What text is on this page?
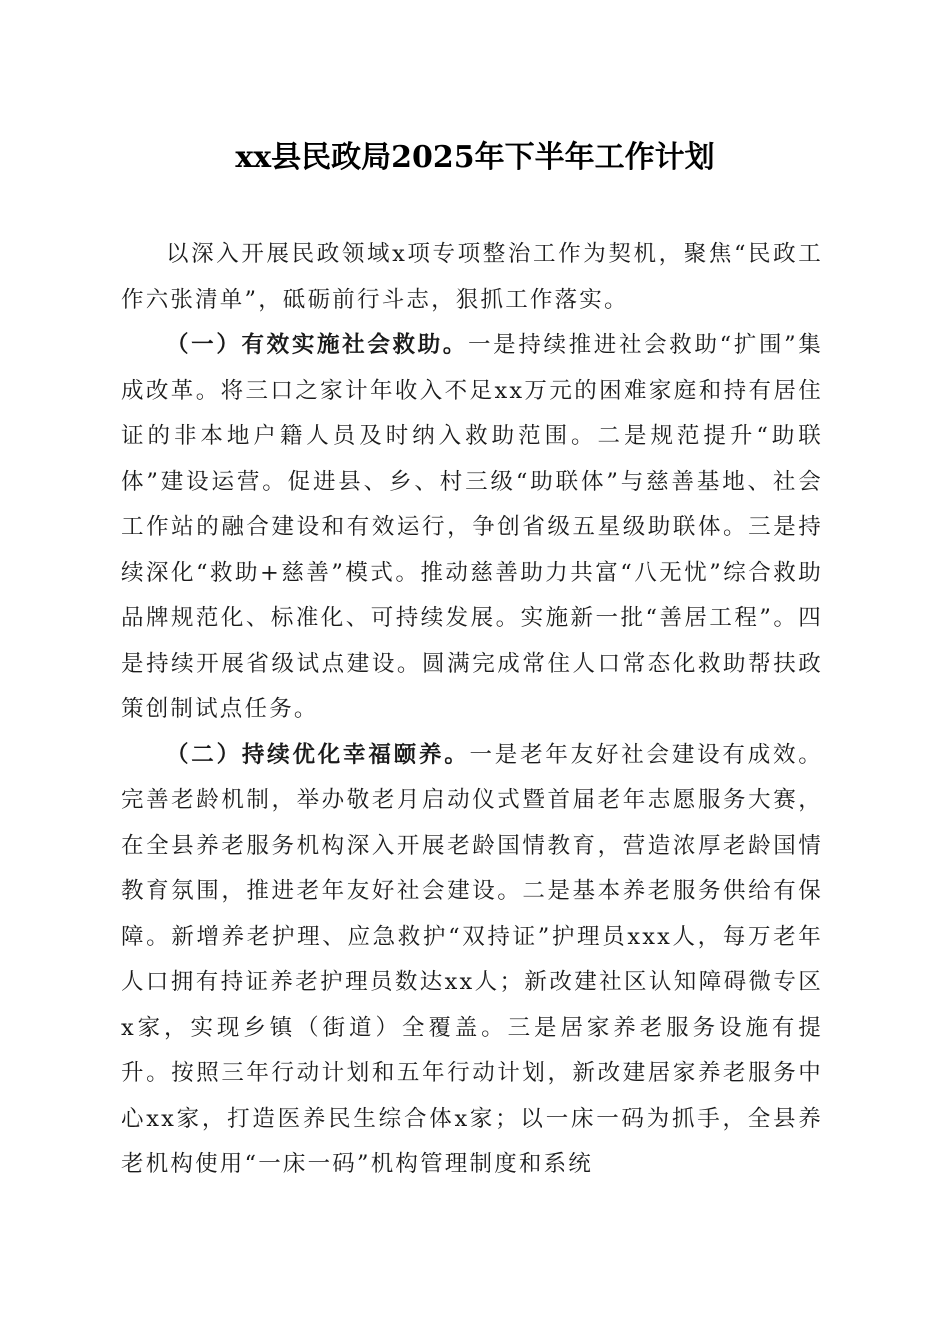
xx县民政局2025年下半年工作计划

以深入开展民政领域x项专项整治工作为契机，聚焦“民政工作六张清单”，砥砺前行斗志，狠抓工作落实。

（一）有效实施社会救助。一是持续推进社会救助“扩围”集成改革。将三口之家计年收入不足xx万元的困难家庭和持有居住证的非本地户籍人员及时纳入救助范围。二是规范提升“助联体”建设运营。促进县、乡、村三级“助联体”与慈善基地、社会工作站的融合建设和有效运行，争创省级五星级助联体。三是持续深化“救助+慈善”模式。推动慈善助力共富“八无忧”综合救助品牌规范化、标准化、可持续发展。实施新一批“善居工程”。四是持续开展省级试点建设。圆满完成常住人口常态化救助帮扶政策创制试点任务。

（二）持续优化幸福颐养。一是老年友好社会建设有成效。完善老龄机制，举办敬老月启动仪式暨首届老年志愿服务大赛，在全县养老服务机构深入开展老龄国情教育，营造浓厚老龄国情教育氛围，推进老年友好社会建设。二是基本养老服务供给有保障。新增养老护理、应急救护“双持证”护理员xxx人，每万老年人口拥有持证养老护理员数达xx人；新改建社区认知障碍微专区x家，实现乡镇（街道）全覆盖。三是居家养老服务设施有提升。按照三年行动计划和五年行动计划，新改建居家养老服务中心xx家，打造医养民生综合体x家；以一床一码为抓手，全县养老机构使用“一床一码”机构管理制度和系统
